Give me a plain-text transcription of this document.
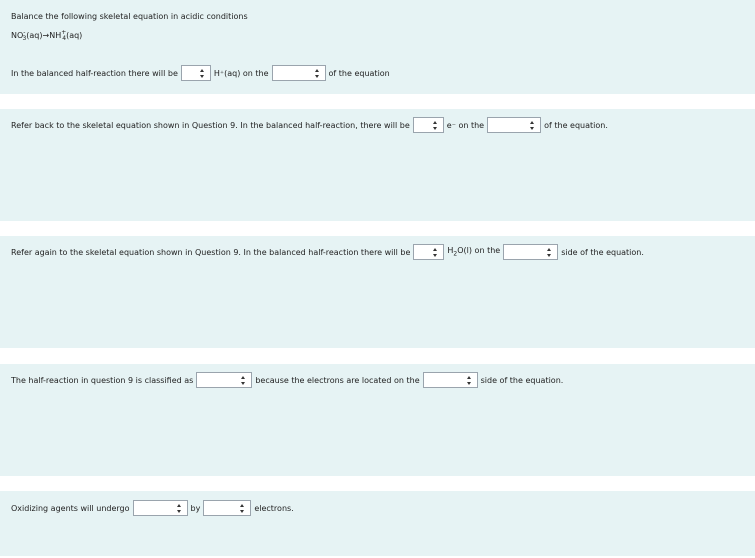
Balance the following skeletal equation in acidic conditions
NO-
$_3$ (aq) → NH+
$_4$ (aq)
In the balanced half-reaction there will be	H⁺(aq) on the	of the equation
Refer back to the skeletal equation shown in Question 9. In the balanced half-reaction, there will be	e⁻ on the	of the equation.
Refer again to the skeletal equation shown in Question 9. In the balanced half-reaction there will be	$H_2O(l)$ on the	side of the equation.
The half-reaction in question 9 is classified as	because the electrons are located on the	side of the equation.
Oxidizing agents will undergo	by	electrons.
